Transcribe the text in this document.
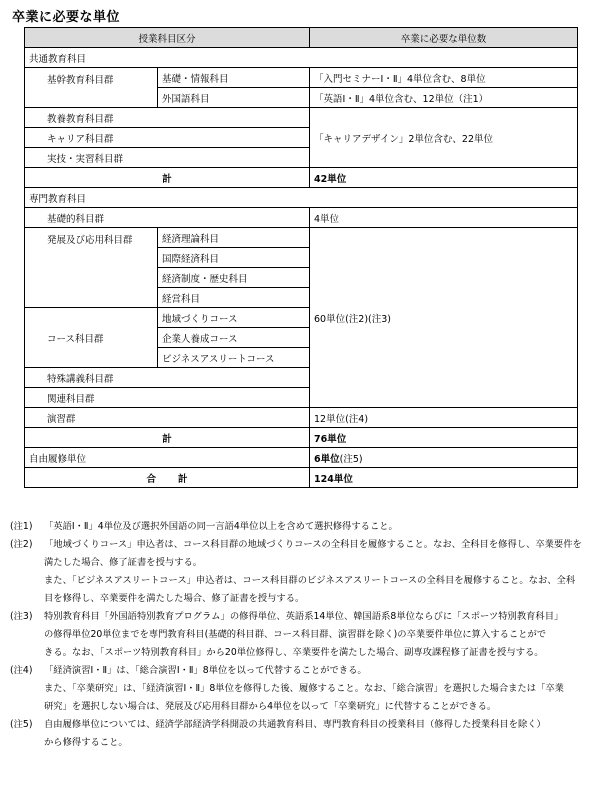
卒業に必要な単位
授業科目区分		卒業に必要な単位数
共通教育科目		
基幹教育科目群	基礎・情報科目	「入門セミナーⅠ・Ⅱ」4単位含む、8単位
	外国語科目	「英語Ⅰ・Ⅱ」4単位含む、12単位（注1）
教養教育科目群		「キャリアデザイン」2単位含む、22単位
キャリア科目群		
実技・実習科目群		
計		42単位
専門教育科目		
基礎的科目群		4単位
発展及び応用科目群	経済理論科目	60単位(注2)(注3)
	国際経済科目	
	経済制度・歴史科目	
	経営科目	
コース科目群	地域づくりコース	
	企業人養成コース	
	ビジネスアスリートコース	
特殊講義科目群		
関連科目群		
演習群		12単位(注4)
計		76単位
自由履修単位		6単位(注5)
合 計		124単位
(注1) 「英語Ⅰ・Ⅱ」4単位及び選択外国語の同一言語4単位以上を含めて選択修得すること。

(注2) 「地域づくりコース」申込者は、コース科目群の地域づくりコースの全科目を履修すること。なお、全科目を修得し、卒業要件を
満たした場合、修了証書を授与する。

また、「ビジネスアスリートコース」申込者は、コース科目群のビジネスアスリートコースの全科目を履修すること。なお、全科
目を修得し、卒業要件を満たした場合、修了証書を授与する。

(注3) 特別教育科目「外国語特別教育プログラム」の修得単位、英語系14単位、韓国語系8単位ならびに「スポーツ特別教育科目」
の修得単位20単位までを専門教育科目(基礎的科目群、コース科目群、演習群を除く)の卒業要件単位に算入することがで
きる。なお、「スポーツ特別教育科目」から20単位修得し、卒業要件を満たした場合、副専攻課程修了証書を授与する。

(注4) 「経済演習Ⅰ・Ⅱ」は、「総合演習Ⅰ・Ⅱ」8単位を以って代替することができる。

また、「卒業研究」は、「経済演習Ⅰ・Ⅱ」8単位を修得した後、履修すること。なお、「総合演習」を選択した場合または「卒業
研究」を選択しない場合は、発展及び応用科目群から4単位を以って「卒業研究」に代替することができる。

(注5) 自由履修単位については、経済学部経済学科開設の共通教育科目、専門教育科目の授業科目（修得した授業科目を除く）
から修得すること。
